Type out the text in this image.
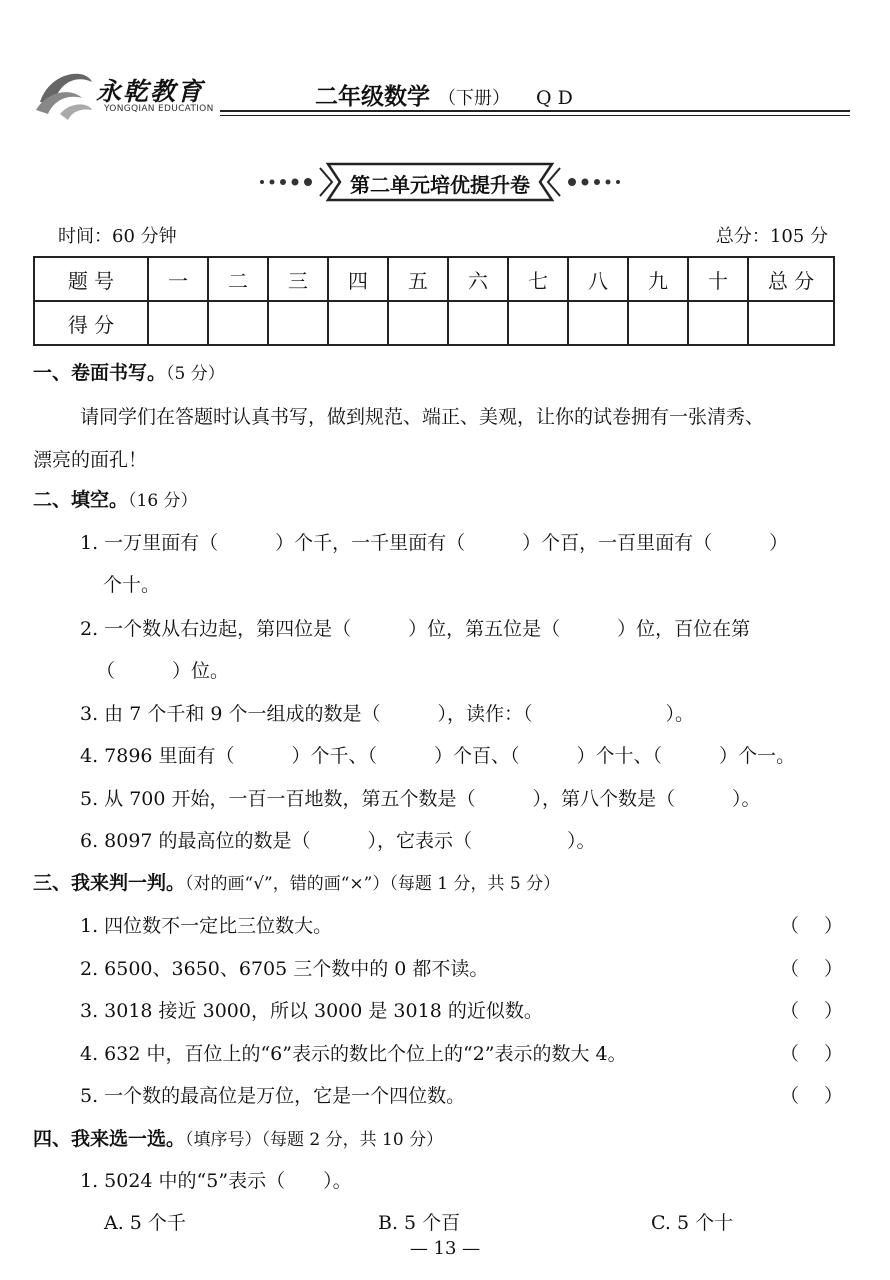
永乾教育
YONGQIAN EDUCATION	二年级数学 （下册） QD
第二单元培优提升卷
时间：60 分钟	总分：105 分
题 号	一	二	三	四	五	六	七	八	九	十	总 分
得 分											
一、卷面书写。（5 分）
请同学们在答题时认真书写，做到规范、端正、美观，让你的试卷拥有一张清秀、
漂亮的面孔！
二、填空。（16 分）
1. 一万里面有（　　　）个千，一千里面有（　　　）个百，一百里面有（　　　）
个十。
2. 一个数从右边起，第四位是（　　　）位，第五位是（　　　）位，百位在第
（　　　）位。
3. 由 7 个千和 9 个一组成的数是（　　　），读作：（　　　　　　　）。
4. 7896 里面有（　　　）个千、（　　　）个百、（　　　）个十、（　　　）个一。
5. 从 700 开始，一百一百地数，第五个数是（　　　），第八个数是（　　　）。
6. 8097 的最高位的数是（　　　），它表示（　　　　　）。
三、我来判一判。（对的画“√”，错的画“×”）（每题 1 分，共 5 分）
1. 四位数不一定比三位数大。	（　 ）
2. 6500、3650、6705 三个数中的 0 都不读。	（　 ）
3. 3018 接近 3000，所以 3000 是 3018 的近似数。	（　 ）
4. 632 中，百位上的“6”表示的数比个位上的“2”表示的数大 4。	（　 ）
5. 一个数的最高位是万位，它是一个四位数。	（　 ）
四、我来选一选。（填序号）（每题 2 分，共 10 分）
1. 5024 中的“5”表示（　　）。
A. 5 个千	B. 5 个百	C. 5 个十
— 13 —
